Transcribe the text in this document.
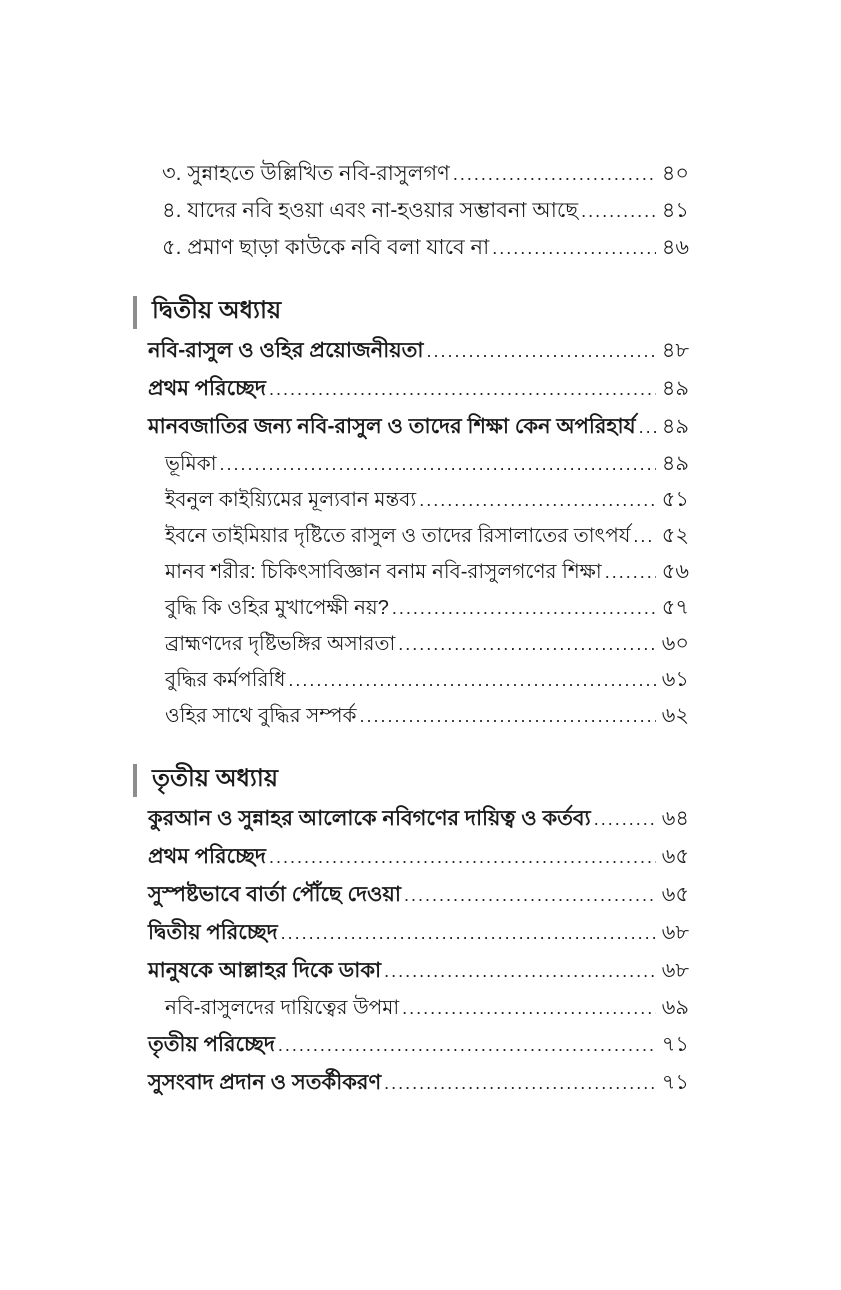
৩. সুন্নাহতে উল্লিখিত নবি-রাসুলগণ .....	৪০
৪. যাদের নবি হওয়া এবং না-হওয়ার সম্ভাবনা আছে .....	৪১
৫. প্রমাণ ছাড়া কাউকে নবি বলা যাবে না .....	৪৬
দ্বিতীয় অধ্যায়
নবি-রাসুল ও ওহির প্রয়োজনীয়তা .....	৪৮
প্রথম পরিচ্ছেদ .....	৪৯
মানবজাতির জন্য নবি-রাসুল ও তাদের শিক্ষা কেন অপরিহার্য ..... ৪৯
ভূমিকা .....	৪৯
ইবনুল কাইয়্যিমের মূল্যবান মন্তব্য .....	৫১
ইবনে তাইমিয়ার দৃষ্টিতে রাসুল ও তাদের রিসালাতের তাৎপর্য ..... ৫২
মানব শরীর: চিকিৎসাবিজ্ঞান বনাম নবি-রাসুলগণের শিক্ষা .....	৫৬
বুদ্ধি কি ওহির মুখাপেক্ষী নয়? .....	৫৭
ব্রাহ্মণদের দৃষ্টিভঙ্গির অসারতা .....	৬০
বুদ্ধির কর্মপরিধি .....	৬১
ওহির সাথে বুদ্ধির সম্পর্ক .....	৬২
তৃতীয় অধ্যায়
কুরআন ও সুন্নাহর আলোকে নবিগণের দায়িত্ব ও কর্তব্য .....	৬৪
প্রথম পরিচ্ছেদ .....	৬৫
সুস্পষ্টভাবে বার্তা পৌঁছে দেওয়া .....	৬৫
দ্বিতীয় পরিচ্ছেদ .....	৬৮
মানুষকে আল্লাহর দিকে ডাকা .....	৬৮
নবি-রাসুলদের দায়িত্বের উপমা .....	৬৯
তৃতীয় পরিচ্ছেদ .....	৭১
সুসংবাদ প্রদান ও সতর্কীকরণ .....	৭১
